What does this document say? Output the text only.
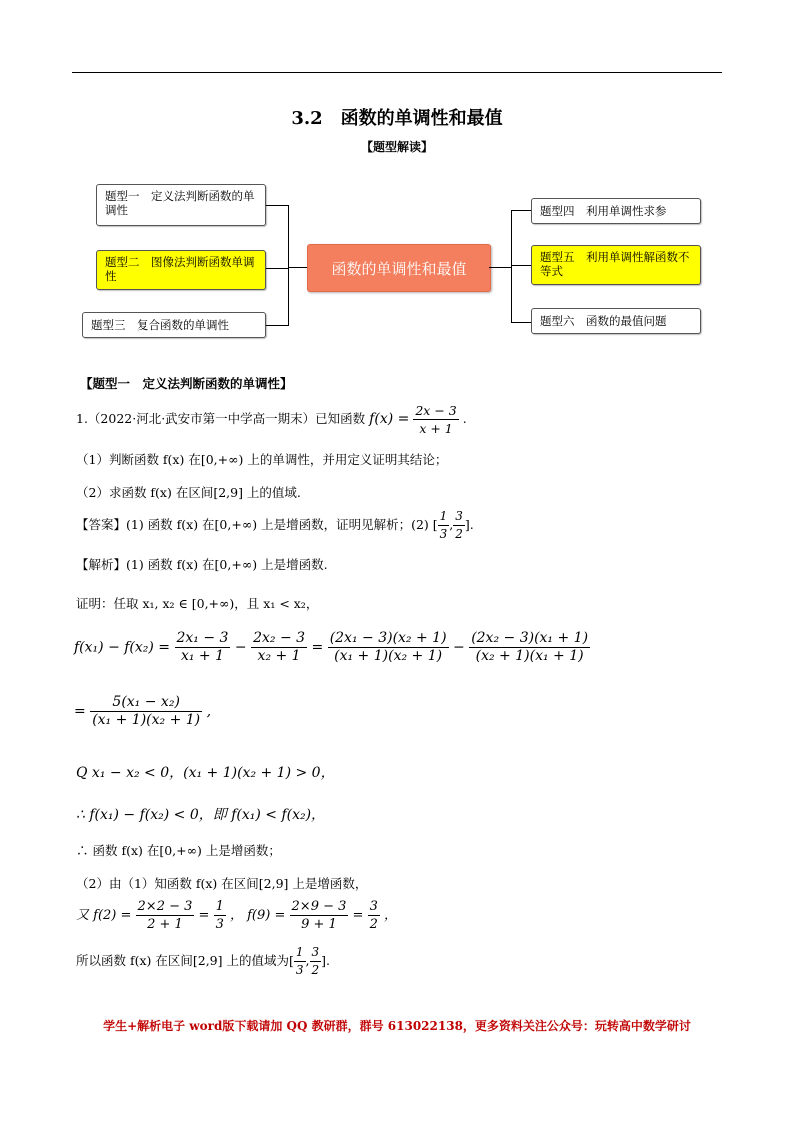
3.2　函数的单调性和最值
【题型解读】
题型一　定义法判断函数的单调性
题型二　图像法判断函数单调性
题型三　复合函数的单调性
函数的单调性和最值
题型四　利用单调性求参
题型五　利用单调性解函数不等式
题型六　函数的最值问题
【题型一　定义法判断函数的单调性】
1.（2022·河北·武安市第一中学高一期末）已知函数 $f(x) = \frac{2x - 3}{x + 1}$ .
（1）判断函数 f(x) 在[0,+∞) 上的单调性，并用定义证明其结论；
（2）求函数 f(x) 在区间[2,9] 上的值域.
【答案】(1) 函数 f(x) 在[0,+∞) 上是增函数，证明见解析；(2) [ $\frac{1}{3}$ , $\frac{3}{2}$ ].
【解析】(1) 函数 f(x) 在[0,+∞) 上是增函数.
证明：任取 x₁, x₂ ∈ [0,+∞)，且 x₁ < x₂，
$f(x_1) - f(x_2) = \frac{\text{2x₁ − 3}}{\text{x₁ + 1}} - \frac{\text{2x₂ − 3}}{\text{x₂ + 1}} = \frac{\text{(2x₁ − 3)(x₂ + 1)}}{\text{(x₁ + 1)(x₂ + 1)}} - \frac{\text{(2x₂ − 3)(x₁ + 1)}}{\text{(x₂ + 1)(x₁ + 1)}}$
= $\frac{\text{5(x₁ − x₂)}}{\text{(x₁ + 1)(x₂ + 1)}}$ ,
Q x₁ − x₂ < 0，(x₁ + 1)(x₂ + 1) > 0，
∴ f(x₁) − f(x₂) < 0，即 f(x₁) < f(x₂)，
∴ 函数 f(x) 在[0,+∞) 上是增函数；
（2）由（1）知函数 f(x) 在区间[2,9] 上是增函数，
又 $f(2) = \frac{2\times 2 - 3}{2 + 1} = \frac{1}{3}$ ， $f(9) = \frac{2\times 9 - 3}{9 + 1} = \frac{3}{2}$ ，
所以函数 f(x) 在区间[2,9] 上的值域为[ $\frac{1}{3}$ , $\frac{3}{2}$ ].
学生+解析电子 word版下载请加 QQ 教研群，群号 613022138，更多资料关注公众号：玩转高中数学研讨
